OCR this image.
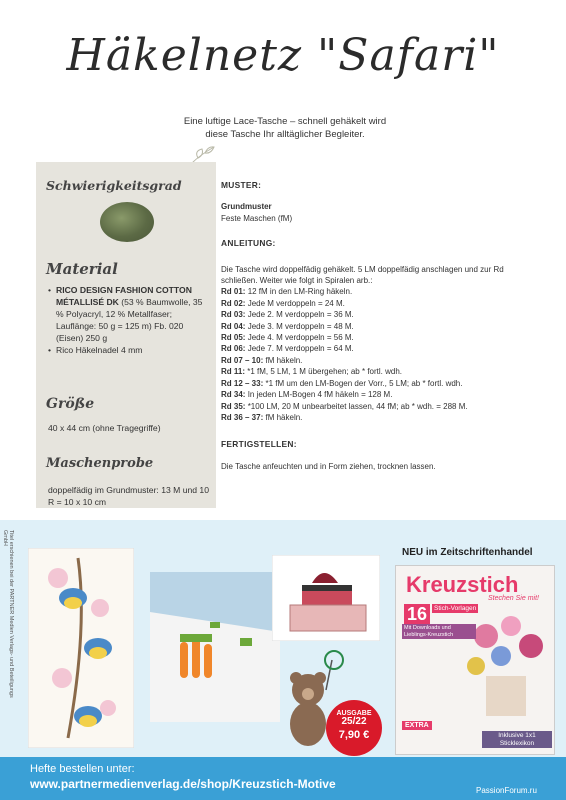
Häkelnetz "Safari"
Eine luftige Lace-Tasche – schnell gehäkelt wird
diese Tasche Ihr alltäglicher Begleiter.
Schwierigkeitsgrad
Material
• RICO DESIGN FASHION COTTON MÉTALLISÉ DK (53 % Baumwolle, 35 % Polyacryl, 12 % Metallfaser; Lauflänge: 50 g = 125 m) Fb. 020 (Eisen) 250 g
• Rico Häkelnadel 4 mm
Größe
40 x 44 cm (ohne Tragegriffe)
Maschenprobe
doppelfädig im Grundmuster: 13 M und 10 R = 10 x 10 cm
MUSTER:
Grundmuster
Feste Maschen (fM)
ANLEITUNG:
Die Tasche wird doppelfädig gehäkelt. 5 LM doppelfädig anschlagen und zur Rd schließen. Weiter wie folgt in Spiralen arb.:
Rd 01: 12 fM in den LM-Ring häkeln.
Rd 02: Jede M verdoppeln = 24 M.
Rd 03: Jede 2. M verdoppeln = 36 M.
Rd 04: Jede 3. M verdoppeln = 48 M.
Rd 05: Jede 4. M verdoppeln = 56 M.
Rd 06: Jede 7. M verdoppeln = 64 M.
Rd 07 – 10: fM häkeln.
Rd 11: *1 fM, 5 LM, 1 M übergehen; ab * fortl. wdh.
Rd 12 – 33: *1 fM um den LM-Bogen der Vorr., 5 LM; ab * fortl. wdh.
Rd 34: In jeden LM-Bogen 4 fM häkeln = 128 M.
Rd 35: *100 LM, 20 M unbearbeitet lassen, 44 fM; ab * wdh. = 288 M.
Rd 36 – 37: fM häkeln.
FERTIGSTELLEN:
Die Tasche anfeuchten und in Form ziehen, trocknen lassen.
Titel erschienen bei der PARTNER Medien Verlags- und Beteiligungs GmbH
AUSGABE
25/22
7,90 €
NEU im Zeitschriftenhandel
Kreuzstich
Stechen Sie mit!
16	Stich-Vorlagen
Mit Downloads und Lieblings-Kreuzstich
EXTRA
Inklusive 1x1 Sticklexikon
Hefte bestellen unter:
www.partnermedienverlag.de/shop/Kreuzstich-Motive	PassionForum.ru
